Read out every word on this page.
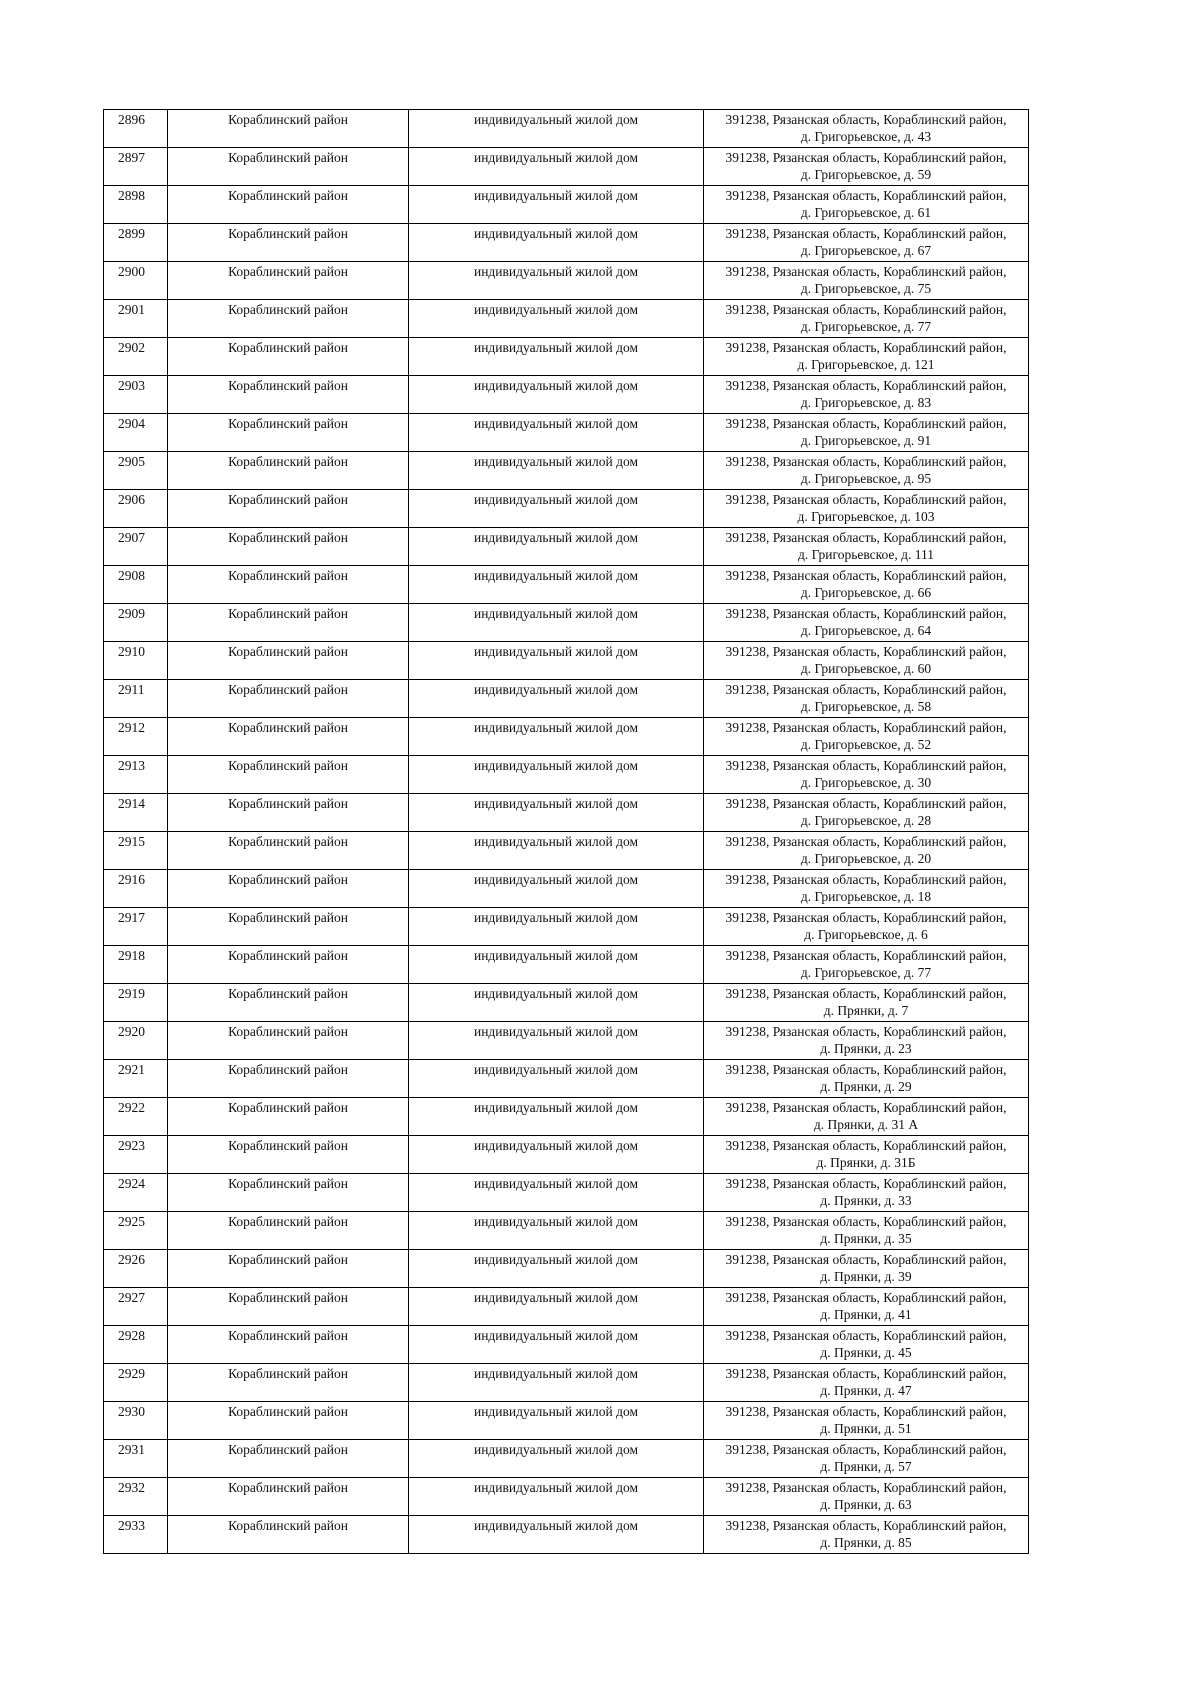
2896	Кораблинский район	индивидуальный жилой дом	391238, Рязанская область, Кораблинский район,
д. Григорьевское, д. 43

2897	Кораблинский район	индивидуальный жилой дом	391238, Рязанская область, Кораблинский район,
д. Григорьевское, д. 59

2898	Кораблинский район	индивидуальный жилой дом	391238, Рязанская область, Кораблинский район,
д. Григорьевское, д. 61

2899	Кораблинский район	индивидуальный жилой дом	391238, Рязанская область, Кораблинский район,
д. Григорьевское, д. 67

2900	Кораблинский район	индивидуальный жилой дом	391238, Рязанская область, Кораблинский район,
д. Григорьевское, д. 75

2901	Кораблинский район	индивидуальный жилой дом	391238, Рязанская область, Кораблинский район,
д. Григорьевское, д. 77

2902	Кораблинский район	индивидуальный жилой дом	391238, Рязанская область, Кораблинский район,
д. Григорьевское, д. 121

2903	Кораблинский район	индивидуальный жилой дом	391238, Рязанская область, Кораблинский район,
д. Григорьевское, д. 83

2904	Кораблинский район	индивидуальный жилой дом	391238, Рязанская область, Кораблинский район,
д. Григорьевское, д. 91

2905	Кораблинский район	индивидуальный жилой дом	391238, Рязанская область, Кораблинский район,
д. Григорьевское, д. 95

2906	Кораблинский район	индивидуальный жилой дом	391238, Рязанская область, Кораблинский район,
д. Григорьевское, д. 103

2907	Кораблинский район	индивидуальный жилой дом	391238, Рязанская область, Кораблинский район,
д. Григорьевское, д. 111

2908	Кораблинский район	индивидуальный жилой дом	391238, Рязанская область, Кораблинский район,
д. Григорьевское, д. 66

2909	Кораблинский район	индивидуальный жилой дом	391238, Рязанская область, Кораблинский район,
д. Григорьевское, д. 64

2910	Кораблинский район	индивидуальный жилой дом	391238, Рязанская область, Кораблинский район,
д. Григорьевское, д. 60

2911	Кораблинский район	индивидуальный жилой дом	391238, Рязанская область, Кораблинский район,
д. Григорьевское, д. 58

2912	Кораблинский район	индивидуальный жилой дом	391238, Рязанская область, Кораблинский район,
д. Григорьевское, д. 52

2913	Кораблинский район	индивидуальный жилой дом	391238, Рязанская область, Кораблинский район,
д. Григорьевское, д. 30

2914	Кораблинский район	индивидуальный жилой дом	391238, Рязанская область, Кораблинский район,
д. Григорьевское, д. 28

2915	Кораблинский район	индивидуальный жилой дом	391238, Рязанская область, Кораблинский район,
д. Григорьевское, д. 20

2916	Кораблинский район	индивидуальный жилой дом	391238, Рязанская область, Кораблинский район,
д. Григорьевское, д. 18

2917	Кораблинский район	индивидуальный жилой дом	391238, Рязанская область, Кораблинский район,
д. Григорьевское, д. 6

2918	Кораблинский район	индивидуальный жилой дом	391238, Рязанская область, Кораблинский район,
д. Григорьевское, д. 77

2919	Кораблинский район	индивидуальный жилой дом	391238, Рязанская область, Кораблинский район,
д. Прянки, д. 7

2920	Кораблинский район	индивидуальный жилой дом	391238, Рязанская область, Кораблинский район,
д. Прянки, д. 23

2921	Кораблинский район	индивидуальный жилой дом	391238, Рязанская область, Кораблинский район,
д. Прянки, д. 29

2922	Кораблинский район	индивидуальный жилой дом	391238, Рязанская область, Кораблинский район,
д. Прянки, д. 31 А

2923	Кораблинский район	индивидуальный жилой дом	391238, Рязанская область, Кораблинский район,
д. Прянки, д. 31Б

2924	Кораблинский район	индивидуальный жилой дом	391238, Рязанская область, Кораблинский район,
д. Прянки, д. 33

2925	Кораблинский район	индивидуальный жилой дом	391238, Рязанская область, Кораблинский район,
д. Прянки, д. 35

2926	Кораблинский район	индивидуальный жилой дом	391238, Рязанская область, Кораблинский район,
д. Прянки, д. 39

2927	Кораблинский район	индивидуальный жилой дом	391238, Рязанская область, Кораблинский район,
д. Прянки, д. 41

2928	Кораблинский район	индивидуальный жилой дом	391238, Рязанская область, Кораблинский район,
д. Прянки, д. 45

2929	Кораблинский район	индивидуальный жилой дом	391238, Рязанская область, Кораблинский район,
д. Прянки, д. 47

2930	Кораблинский район	индивидуальный жилой дом	391238, Рязанская область, Кораблинский район,
д. Прянки, д. 51

2931	Кораблинский район	индивидуальный жилой дом	391238, Рязанская область, Кораблинский район,
д. Прянки, д. 57

2932	Кораблинский район	индивидуальный жилой дом	391238, Рязанская область, Кораблинский район,
д. Прянки, д. 63

2933	Кораблинский район	индивидуальный жилой дом	391238, Рязанская область, Кораблинский район,
д. Прянки, д. 85
